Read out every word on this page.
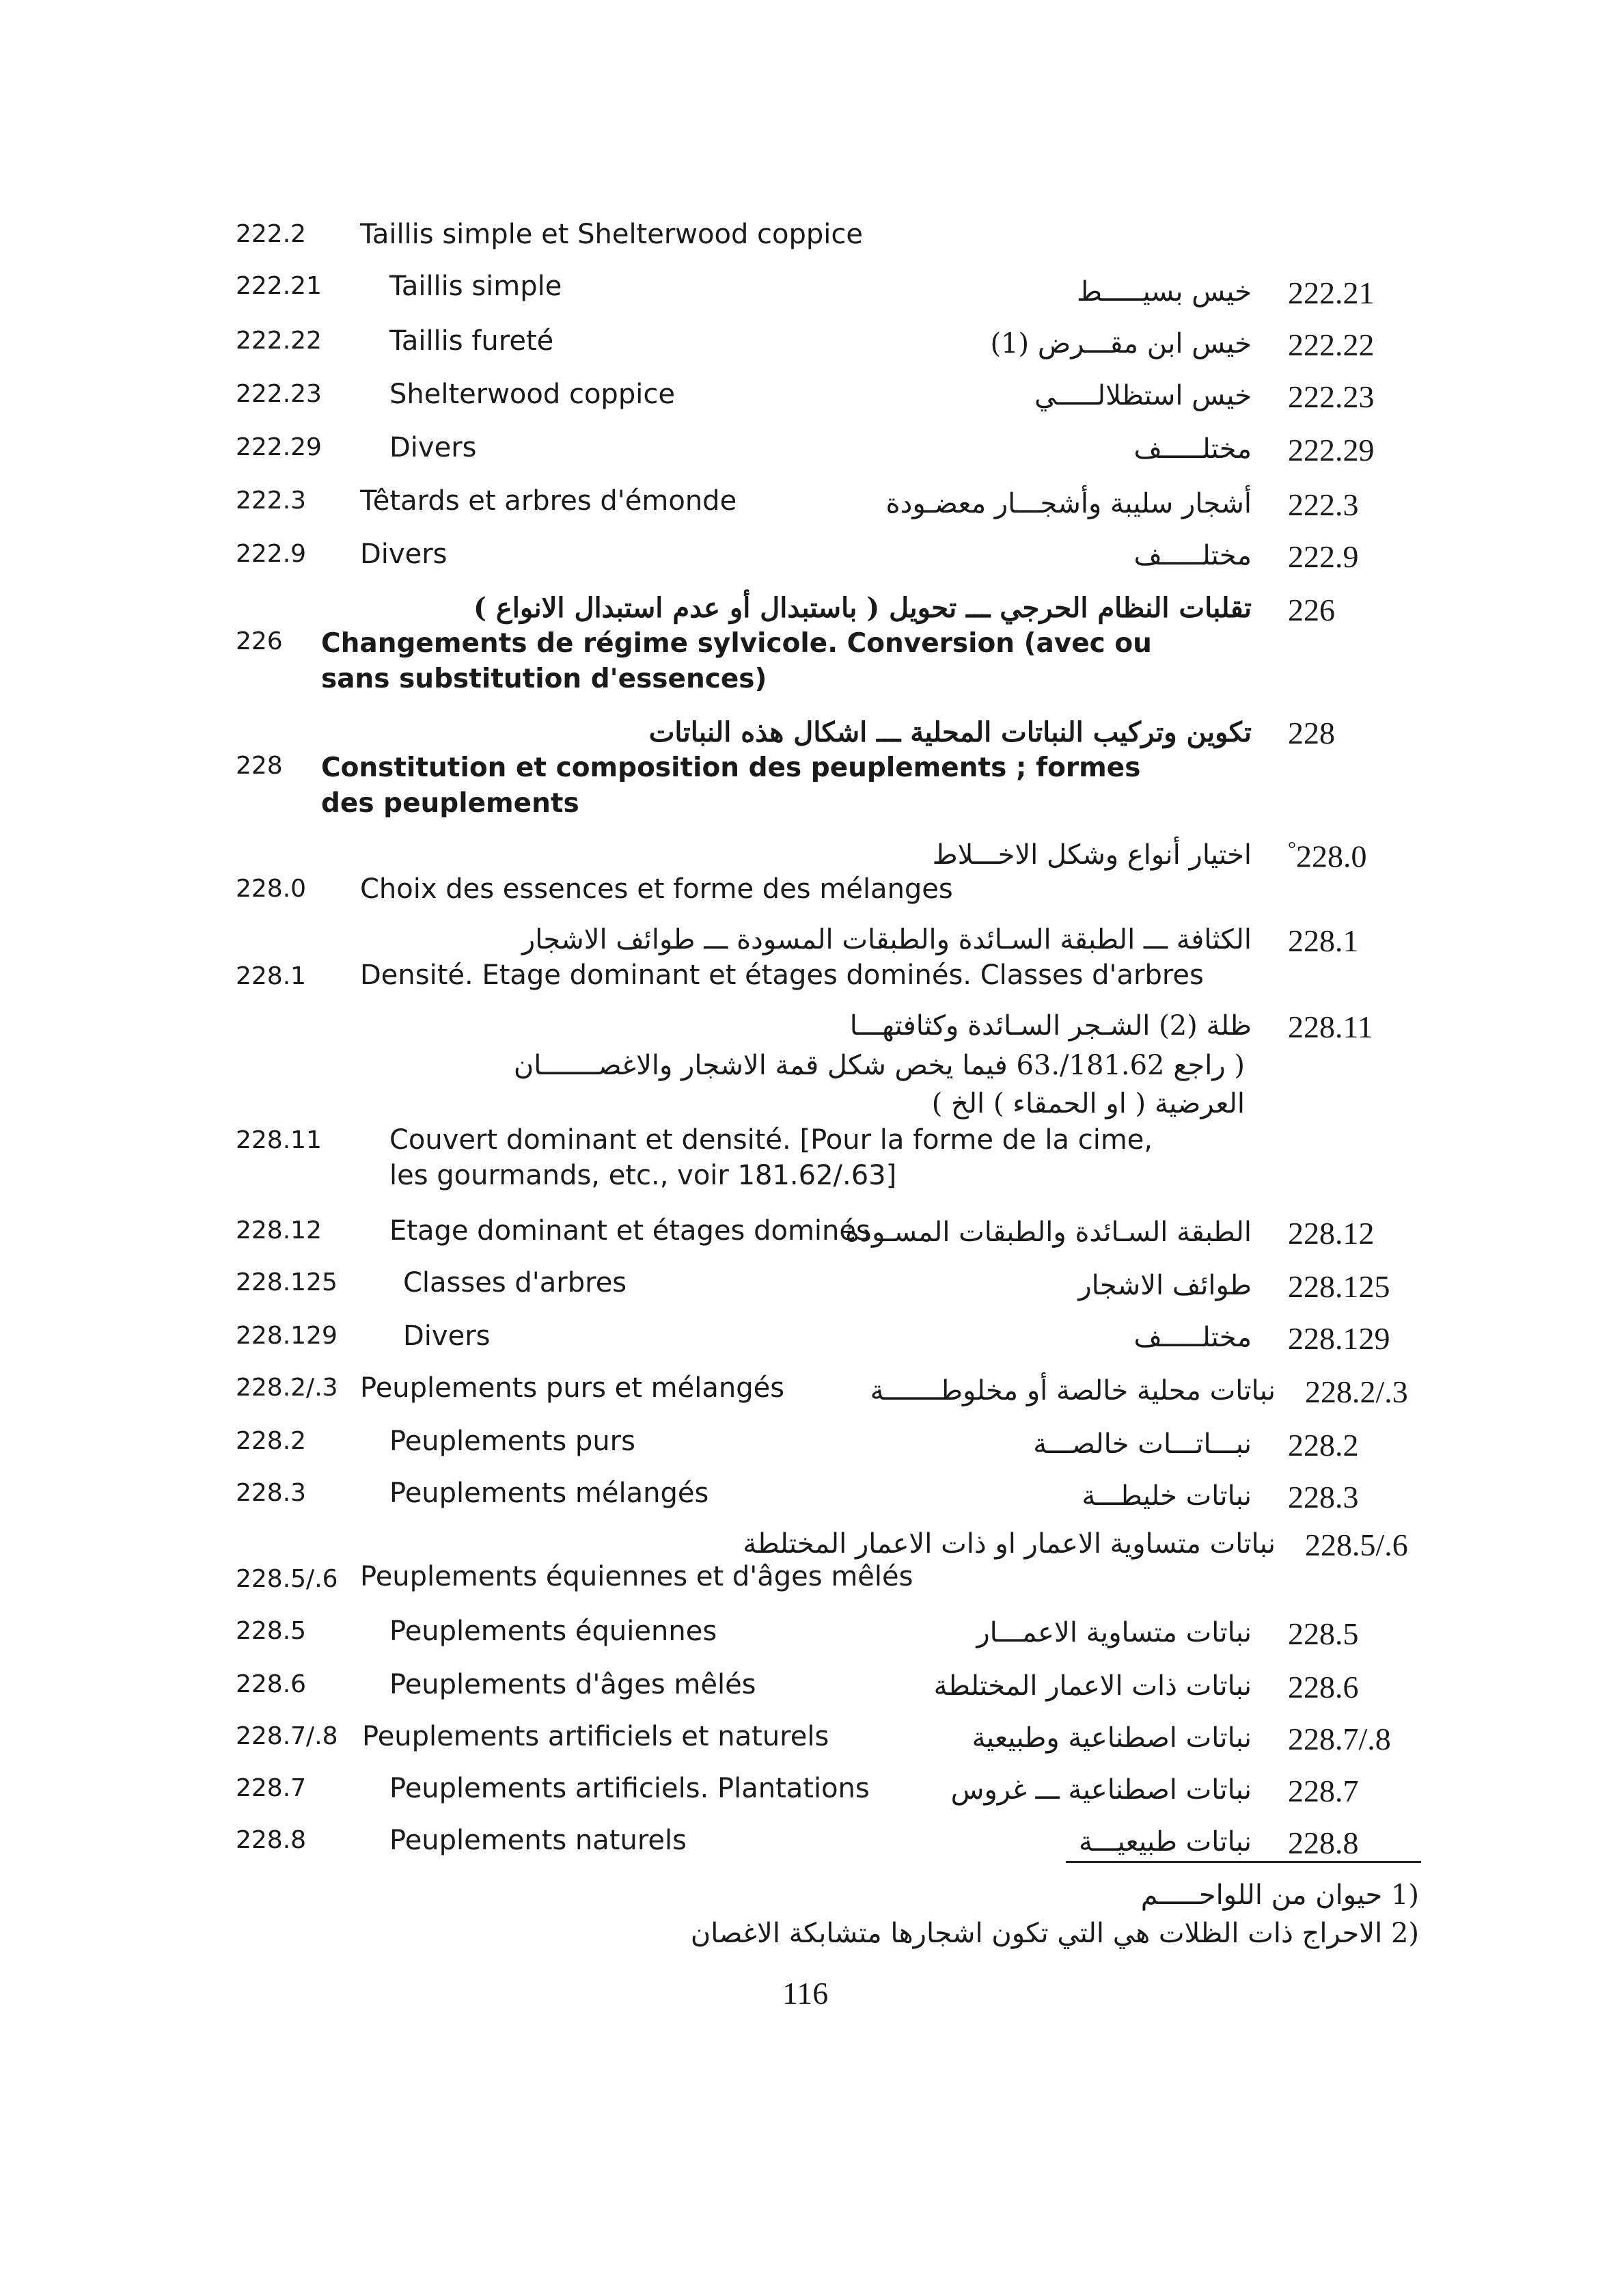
222.2 Taillis simple et Shelterwood coppice
222.21 Taillis simple	خيس بسيـــــط 222.21
222.22 Taillis fureté	خيس ابن مقـــرض (1) 222.22
222.23 Shelterwood coppice	خيس استظلالـــــي 222.23
222.29 Divers	مختلـــــف 222.29
222.3 Têtards et arbres d'émonde	أشجار سليبة وأشجـــار معضـودة 222.3
222.9 Divers	مختلـــــف 222.9
تقلبات النظام الحرجي ـــ تحويل ( باستبدال أو عدم استبدال الانواع ) 226
226 Changements de régime sylvicole. Conversion (avec ou sans substitution d'essences)
تكوين وتركيب النباتات المحلية ـــ اشكال هذه النباتات 228
228 Constitution et composition des peuplements ; formes des peuplements
اختيار أنواع وشكل الاخـــلاط °228.0
228.0 Choix des essences et forme des mélanges
الكثافة ـــ الطبقة السـائدة والطبقات المسودة ـــ طوائف الاشجار 228.1
228.1 Densité. Etage dominant et étages dominés. Classes d'arbres
ظلة (2) الشـجر السـائدة وكثافتهـــا 228.11
( راجع 181.62/.63 فيما يخص شكل قمة الاشجار والاغصـــــــان
العرضية ( او الحمقاء ) الخ )
228.11 Couvert dominant et densité. [Pour la forme de la cime, les gourmands, etc., voir 181.62/.63]
228.12 Etage dominant et étages dominés
الطبقة السـائدة والطبقات المسـودة 228.12
228.125 Classes d'arbres	طوائف الاشجار 228.125
228.129 Divers	مختلـــــف 228.129
228.2/.3 Peuplements purs et mélangés	نباتات محلية خالصة أو مخلوطـــــــة 228.2/.3
228.2	Peuplements purs	نبـــاتـــات خالصـــة 228.2
228.3	Peuplements mélangés	نباتات خليطـــة 228.3
نباتات متساوية الاعمار او ذات الاعمار المختلطة 228.5/.6
228.5/.6 Peuplements équiennes et d'âges mêlés
228.5	Peuplements équiennes	نباتات متساوية الاعمـــار 228.5
228.6	Peuplements d'âges mêlés	نباتات ذات الاعمار المختلطة 228.6
228.7/.8 Peuplements artificiels et naturels	نباتات اصطناعية وطبيعية 228.7/.8
228.7	Peuplements artificiels. Plantations	نباتات اصطناعية ـــ غروس 228.7
228.8	Peuplements naturels	نباتات طبيعيـــة 228.8
(1 حيوان من اللواحـــــم
(2 الاحراج ذات الظلات هي التي تكون اشجارها متشابكة الاغصان
116
